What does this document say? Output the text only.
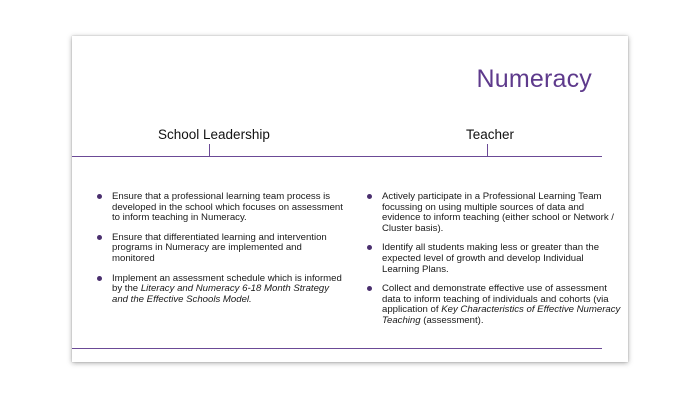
Numeracy
School Leadership	Teacher
Ensure that a professional learning team process is developed in the school which focuses on assessment to inform teaching in Numeracy.
Ensure that differentiated learning and intervention programs in Numeracy are implemented and monitored
Implement an assessment schedule which is informed by the Literacy and Numeracy 6-18 Month Strategy and the Effective Schools Model.
Actively participate in a Professional Learning Team focussing on using multiple sources of data and evidence to inform teaching (either school or Network / Cluster basis).
Identify all students making less or greater than the expected level of growth and develop Individual Learning Plans.
Collect and demonstrate effective use of assessment data to inform teaching of individuals and cohorts (via application of Key Characteristics of Effective Numeracy Teaching (assessment).
